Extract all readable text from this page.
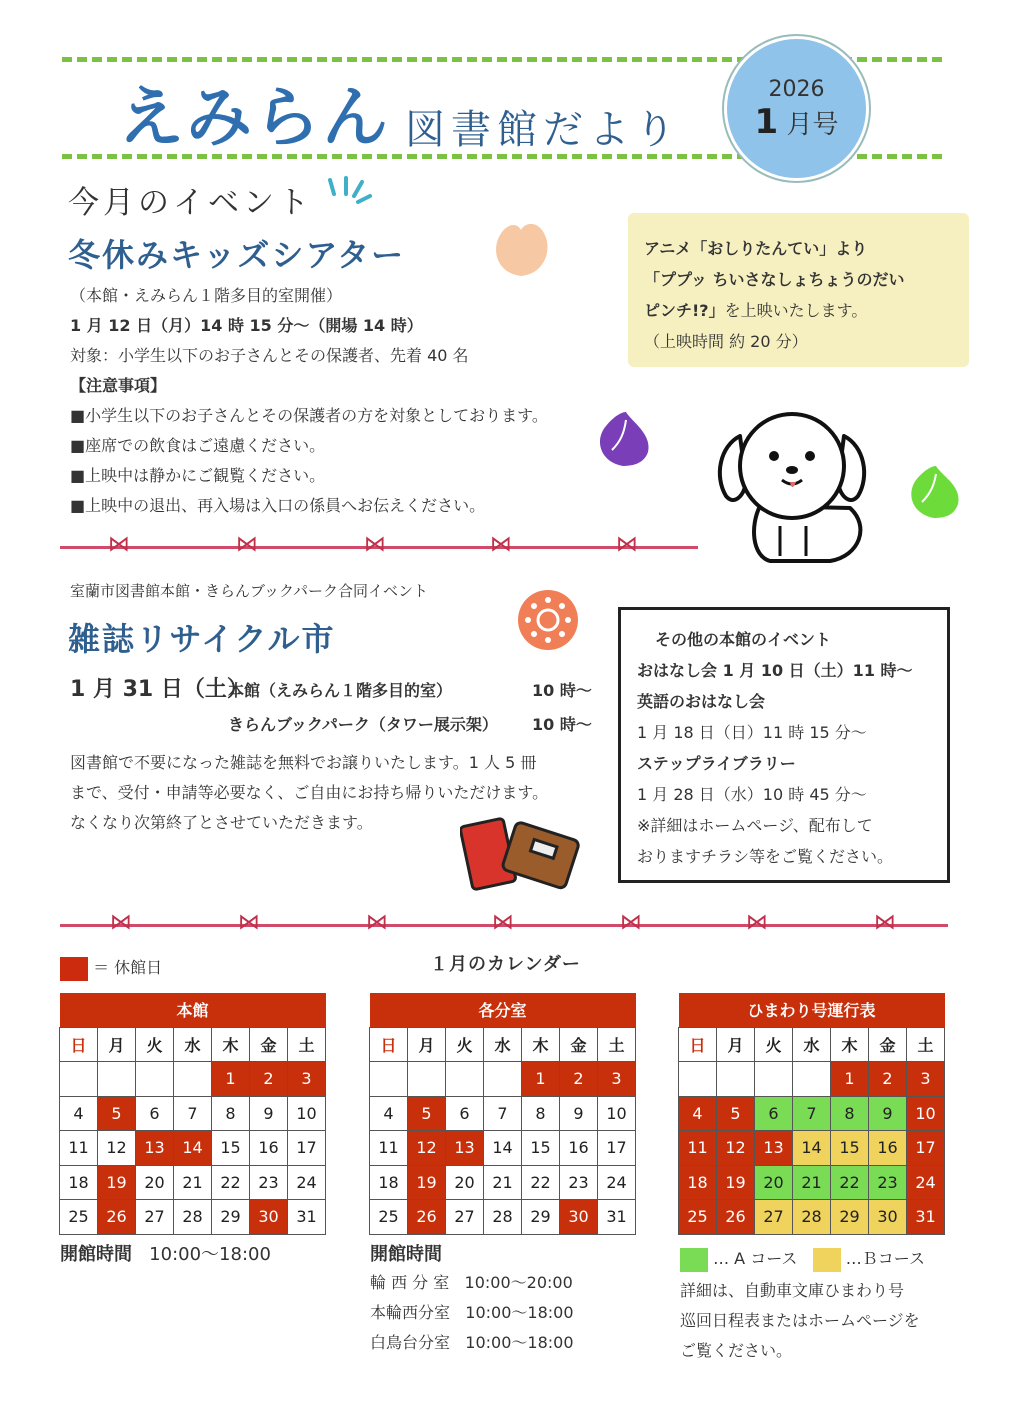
えみらん 図書館だより
2026
1 月号
今月のイベント
冬休みキッズシアター
（本館・えみらん１階多目的室開催）
1 月 12 日（月）14 時 15 分〜（開場 14 時）
対象：小学生以下のお子さんとその保護者、先着 40 名
【注意事項】
■小学生以下のお子さんとその保護者の方を対象としております。
■座席での飲食はご遠慮ください。
■上映中は静かにご観覧ください。
■上映中の退出、再入場は入口の係員へお伝えください。
アニメ「おしりたんてい」より
「ププッ ちいさなしょちょうのだい
ピンチ!?」を上映いたします。
（上映時間 約 20 分）
⋈	⋈	⋈	⋈	⋈
室蘭市図書館本館・きらんブックパーク合同イベント
雑誌リサイクル市
1 月 31 日（土）
本館（えみらん１階多目的室）	10 時〜
きらんブックパーク（タワー展示架） 10 時〜
図書館で不要になった雑誌を無料でお譲りいたします。1 人 5 冊
まで、受付・申請等必要なく、ご自由にお持ち帰りいただけます。
なくなり次第終了とさせていただきます。
その他の本館のイベント
おはなし会 1 月 10 日（土）11 時〜
英語のおはなし会
1 月 18 日（日）11 時 15 分〜
ステップライブラリー
1 月 28 日（水）10 時 45 分〜
※詳細はホームページ、配布して
おりますチラシ等をご覧ください。
⋈	⋈	⋈	⋈	⋈	⋈	⋈
＝ 休館日	１月のカレンダー
本館						
日	月	火	水	木	金	土
				1	2	3
4	5	6	7	8	9	10
11	12	13	14	15	16	17
18	19	20	21	22	23	24
25	26	27	28	29	30	31
各分室						
日	月	火	水	木	金	土
				1	2	3
4	5	6	7	8	9	10
11	12	13	14	15	16	17
18	19	20	21	22	23	24
25	26	27	28	29	30	31
ひまわり号運行表						
日	月	火	水	木	金	土
				1	2	3
4	5	6	7	8	9	10
11	12	13	14	15	16	17
18	19	20	21	22	23	24
25	26	27	28	29	30	31
開館時間 10:00〜18:00	開館時間
輪 西 分 室 10:00〜20:00
本輪西分室 10:00〜18:00
白鳥台分室 10:00〜18:00
… A コース	…Ｂコース
詳細は、自動車文庫ひまわり号
巡回日程表またはホームページを
ご覧ください。
